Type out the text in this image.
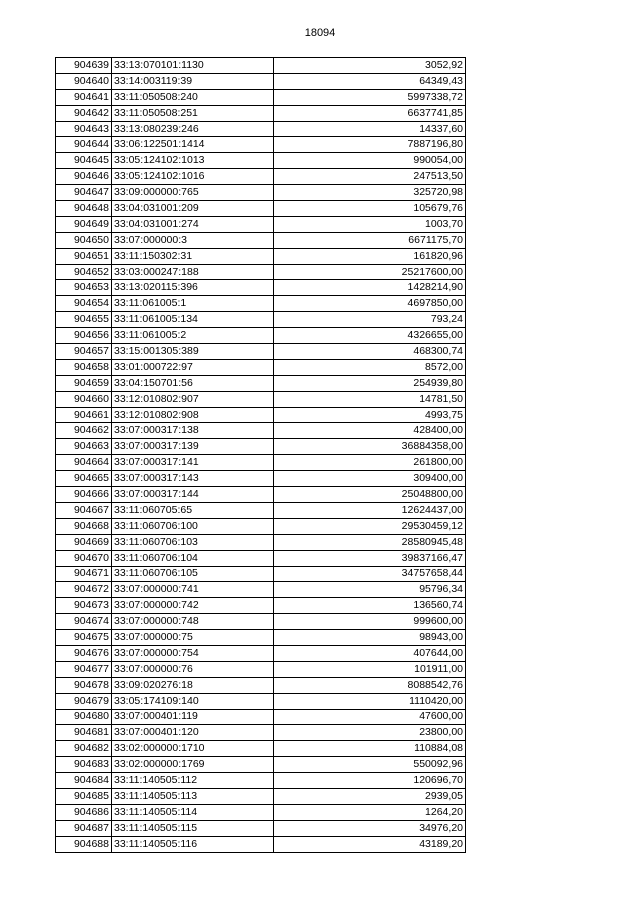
18094
904639	33:13:070101:1130	3052,92
904640	33:14:003119:39	64349,43
904641	33:11:050508:240	5997338,72
904642	33:11:050508:251	6637741,85
904643	33:13:080239:246	14337,60
904644	33:06:122501:1414	7887196,80
904645	33:05:124102:1013	990054,00
904646	33:05:124102:1016	247513,50
904647	33:09:000000:765	325720,98
904648	33:04:031001:209	105679,76
904649	33:04:031001:274	1003,70
904650	33:07:000000:3	6671175,70
904651	33:11:150302:31	161820,96
904652	33:03:000247:188	25217600,00
904653	33:13:020115:396	1428214,90
904654	33:11:061005:1	4697850,00
904655	33:11:061005:134	793,24
904656	33:11:061005:2	4326655,00
904657	33:15:001305:389	468300,74
904658	33:01:000722:97	8572,00
904659	33:04:150701:56	254939,80
904660	33:12:010802:907	14781,50
904661	33:12:010802:908	4993,75
904662	33:07:000317:138	428400,00
904663	33:07:000317:139	36884358,00
904664	33:07:000317:141	261800,00
904665	33:07:000317:143	309400,00
904666	33:07:000317:144	25048800,00
904667	33:11:060705:65	12624437,00
904668	33:11:060706:100	29530459,12
904669	33:11:060706:103	28580945,48
904670	33:11:060706:104	39837166,47
904671	33:11:060706:105	34757658,44
904672	33:07:000000:741	95796,34
904673	33:07:000000:742	136560,74
904674	33:07:000000:748	999600,00
904675	33:07:000000:75	98943,00
904676	33:07:000000:754	407644,00
904677	33:07:000000:76	101911,00
904678	33:09:020276:18	8088542,76
904679	33:05:174109:140	1110420,00
904680	33:07:000401:119	47600,00
904681	33:07:000401:120	23800,00
904682	33:02:000000:1710	110884,08
904683	33:02:000000:1769	550092,96
904684	33:11:140505:112	120696,70
904685	33:11:140505:113	2939,05
904686	33:11:140505:114	1264,20
904687	33:11:140505:115	34976,20
904688	33:11:140505:116	43189,20
